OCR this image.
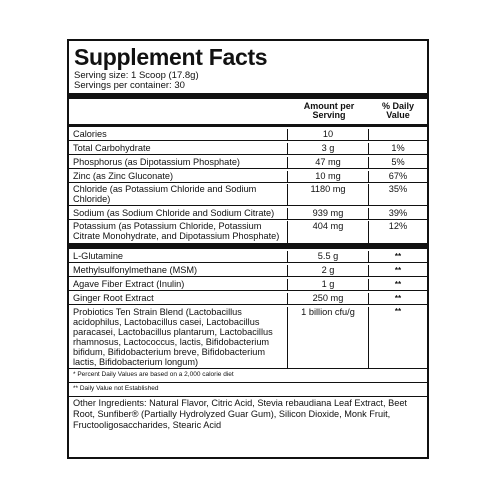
Supplement Facts
Serving size: 1 Scoop (17.8g)
Servings per container: 30
Amount per Serving
% Daily Value
Calories	10
Total Carbohydrate	3 g	1%
Phosphorus (as Dipotassium Phosphate)	47 mg	5%
Zinc (as Zinc Gluconate)	10 mg	67%
Chloride (as Potassium Chloride and Sodium Chloride)
1180 mg	35%
Sodium (as Sodium Chloride and Sodium Citrate)	939 mg	39%
Potassium (as Potassium Chloride, Potassium Citrate Monohydrate, and Dipotassium Phosphate)
404 mg	12%
L-Glutamine	5.5 g	**
Methylsulfonylmethane (MSM)	2 g	**
Agave Fiber Extract (Inulin)	1 g	**
Ginger Root Extract	250 mg	**
Probiotics Ten Strain Blend (Lactobacillus acidophilus, Lactobacillus casei, Lactobacillus paracasei, Lactobacillus plantarum, Lactobacillus rhamnosus, Lactococcus, lactis, Bifidobacterium bifidum, Bifidobacterium breve, Bifidobacterium lactis, Bifidobacterium longum)
1 billion cfu/g	**
* Percent Daily Values are based on a 2,000 calorie diet
** Daily Value not Established
Other Ingredients: Natural Flavor, Citric Acid, Stevia rebaudiana Leaf Extract, Beet Root, Sunfiber® (Partially Hydrolyzed Guar Gum), Silicon Dioxide, Monk Fruit, Fructooligosaccharides, Stearic Acid
